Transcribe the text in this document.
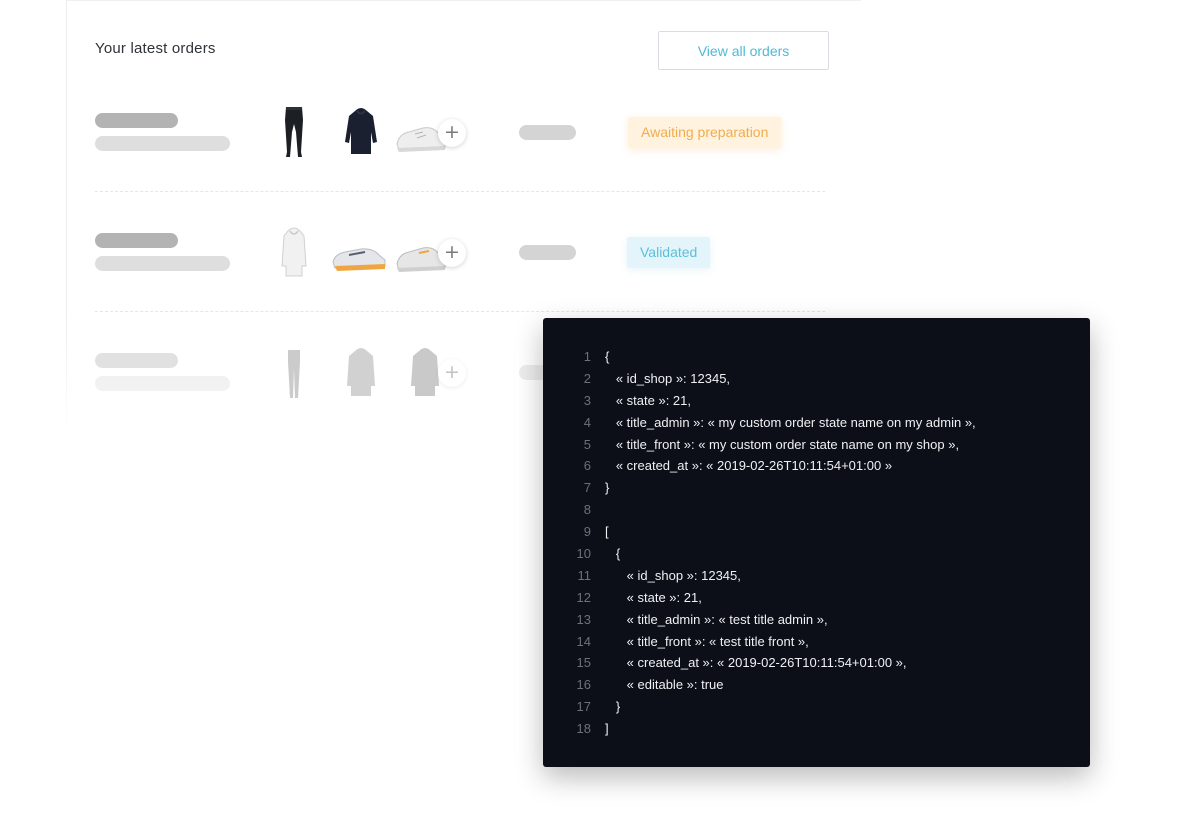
Your latest orders	View all orders
+	Awaiting preparation
+	Validated
+
1 {
2 « id_shop »: 12345,
3 « state »: 21,
4 « title_admin »: « my custom order state name on my admin »,
5 « title_front »: « my custom order state name on my shop »,
6 « created_at »: « 2019-02-26T10:11:54+01:00 »
7 }
8
9 [
10 {
11 « id_shop »: 12345,
12 « state »: 21,
13 « title_admin »: « test title admin »,
14 « title_front »: « test title front »,
15 « created_at »: « 2019-02-26T10:11:54+01:00 »,
16 « editable »: true
17 }
18 ]
